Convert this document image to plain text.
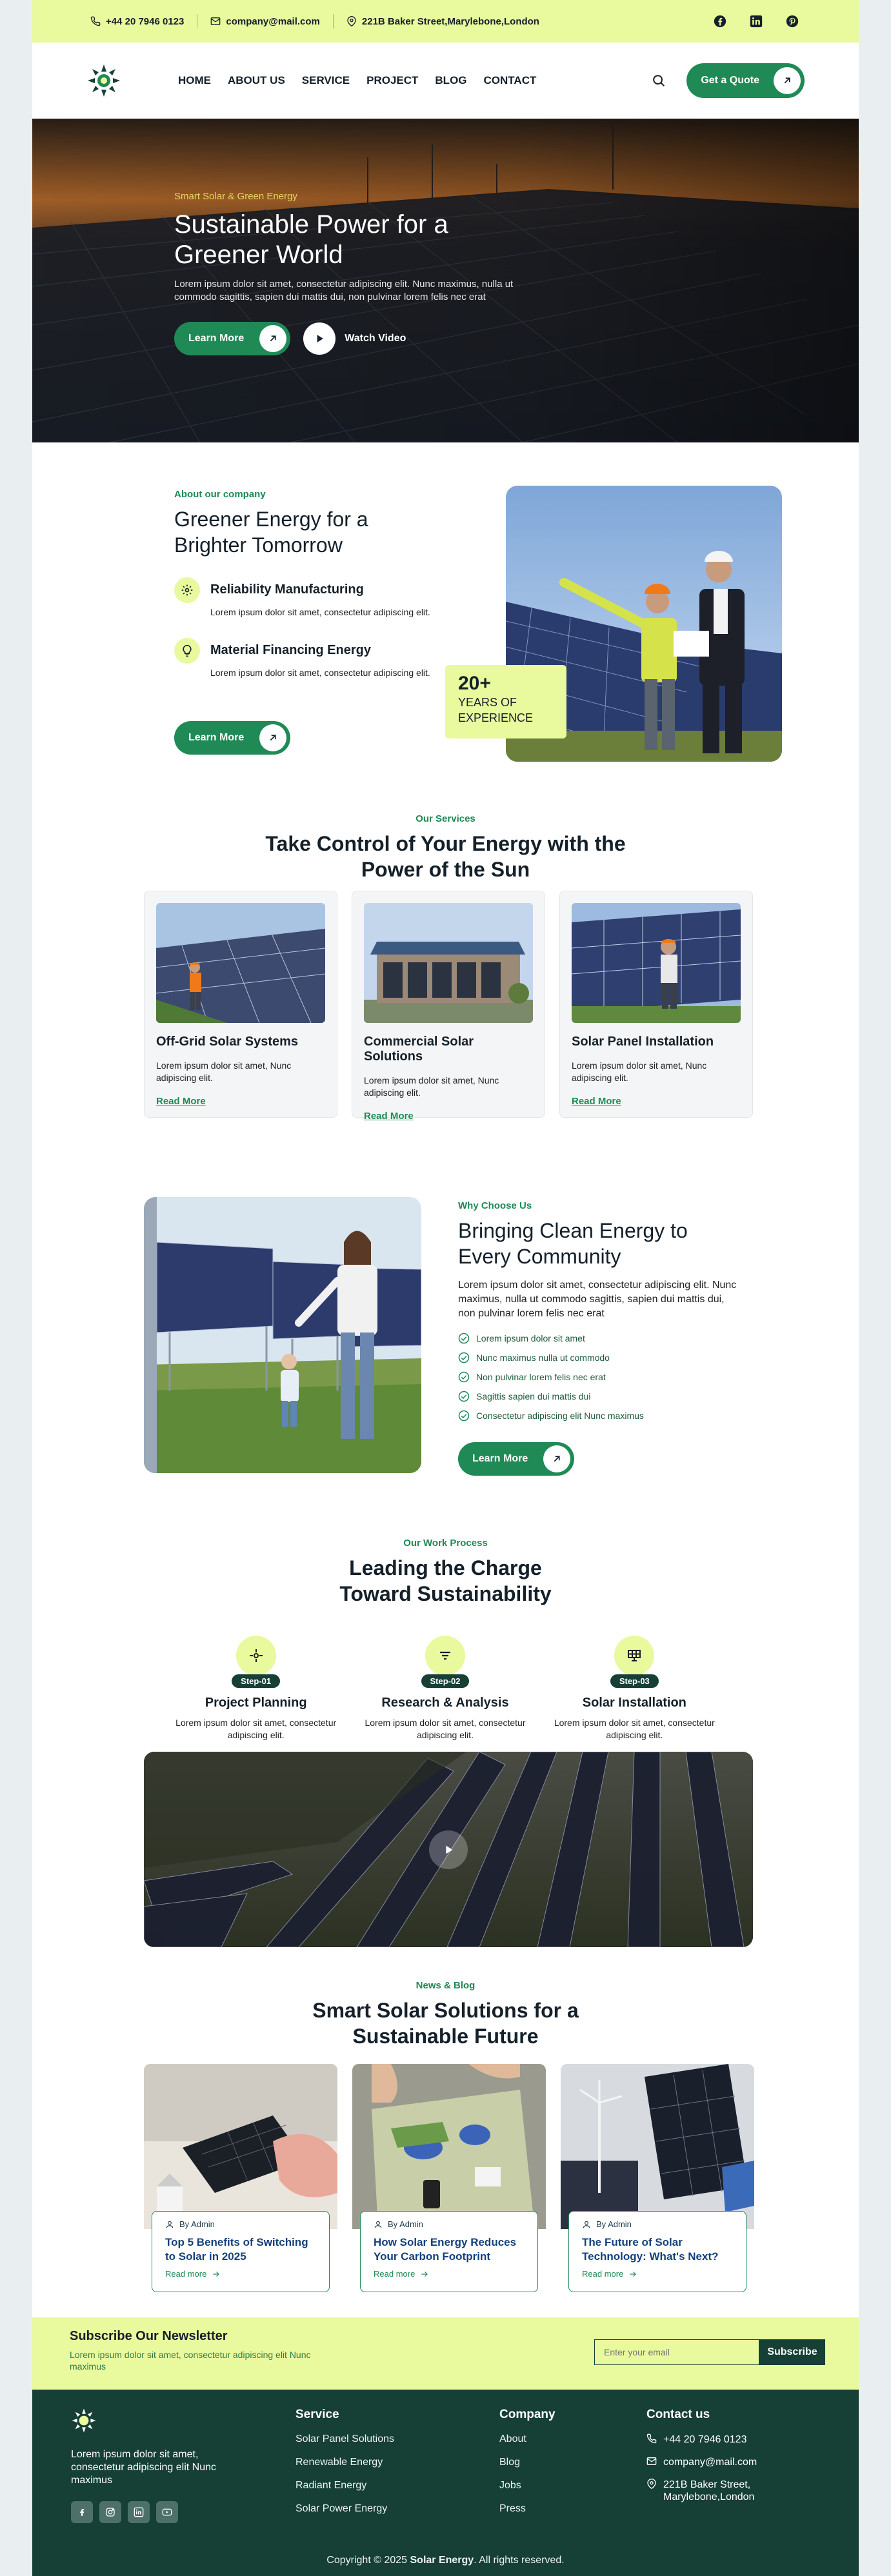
+44 20 7946 0123	company@mail.com	221B Baker Street,Marylebone,London
HOME ABOUT US SERVICE PROJECT BLOG CONTACT	Get a Quote
Smart Solar & Green Energy
Sustainable Power for a Greener World

Lorem ipsum dolor sit amet, consectetur adipiscing elit. Nunc maximus, nulla ut commodo sagittis, sapien dui mattis dui, non pulvinar lorem felis nec erat

Learn More	Watch Video
About our company
Greener Energy for a Brighter Tomorrow
Reliability Manufacturing
Lorem ipsum dolor sit amet, consectetur adipiscing elit.
Material Financing Energy
Lorem ipsum dolor sit amet, consectetur adipiscing elit.
Learn More
20+
YEARS OF EXPERIENCE
Our Services
Take Control of Your Energy with the Power of the Sun
Off-Grid Solar Systems
Lorem ipsum dolor sit amet, Nunc adipiscing elit.
Read More
Commercial Solar Solutions
Lorem ipsum dolor sit amet, Nunc adipiscing elit.
Read More
Solar Panel Installation
Lorem ipsum dolor sit amet, Nunc adipiscing elit.
Read More
Why Choose Us
Bringing Clean Energy to Every Community

Lorem ipsum dolor sit amet, consectetur adipiscing elit. Nunc maximus, nulla ut commodo sagittis, sapien dui mattis dui, non pulvinar lorem felis nec erat

Lorem ipsum dolor sit amet
Nunc maximus nulla ut commodo
Non pulvinar lorem felis nec erat
Sagittis sapien dui mattis dui
Consectetur adipiscing elit Nunc maximus
Learn More
Our Work Process
Leading the Charge Toward Sustainability
Step-01
Project Planning
Lorem ipsum dolor sit amet, consectetur adipiscing elit.
Step-02
Research & Analysis
Lorem ipsum dolor sit amet, consectetur adipiscing elit.
Step-03
Solar Installation
Lorem ipsum dolor sit amet, consectetur adipiscing elit.
News & Blog
Smart Solar Solutions for a Sustainable Future
By Admin
Top 5 Benefits of Switching to Solar in 2025
Read more
By Admin
How Solar Energy Reduces Your Carbon Footprint
Read more
By Admin
The Future of Solar Technology: What's Next?
Read more
Subscribe Our Newsletter
Lorem ipsum dolor sit amet, consectetur adipiscing elit Nunc maximus
Enter your email
Subscribe
Lorem ipsum dolor sit amet, consectetur adipiscing elit Nunc maximus
Service
Solar Panel Solutions
Renewable Energy
Radiant Energy
Solar Power Energy
Company
About
Blog
Jobs
Press
Contact us
+44 20 7946 0123
company@mail.com
221B Baker Street, Marylebone,London
Copyright © 2025 Solar Energy. All rights reserved.
